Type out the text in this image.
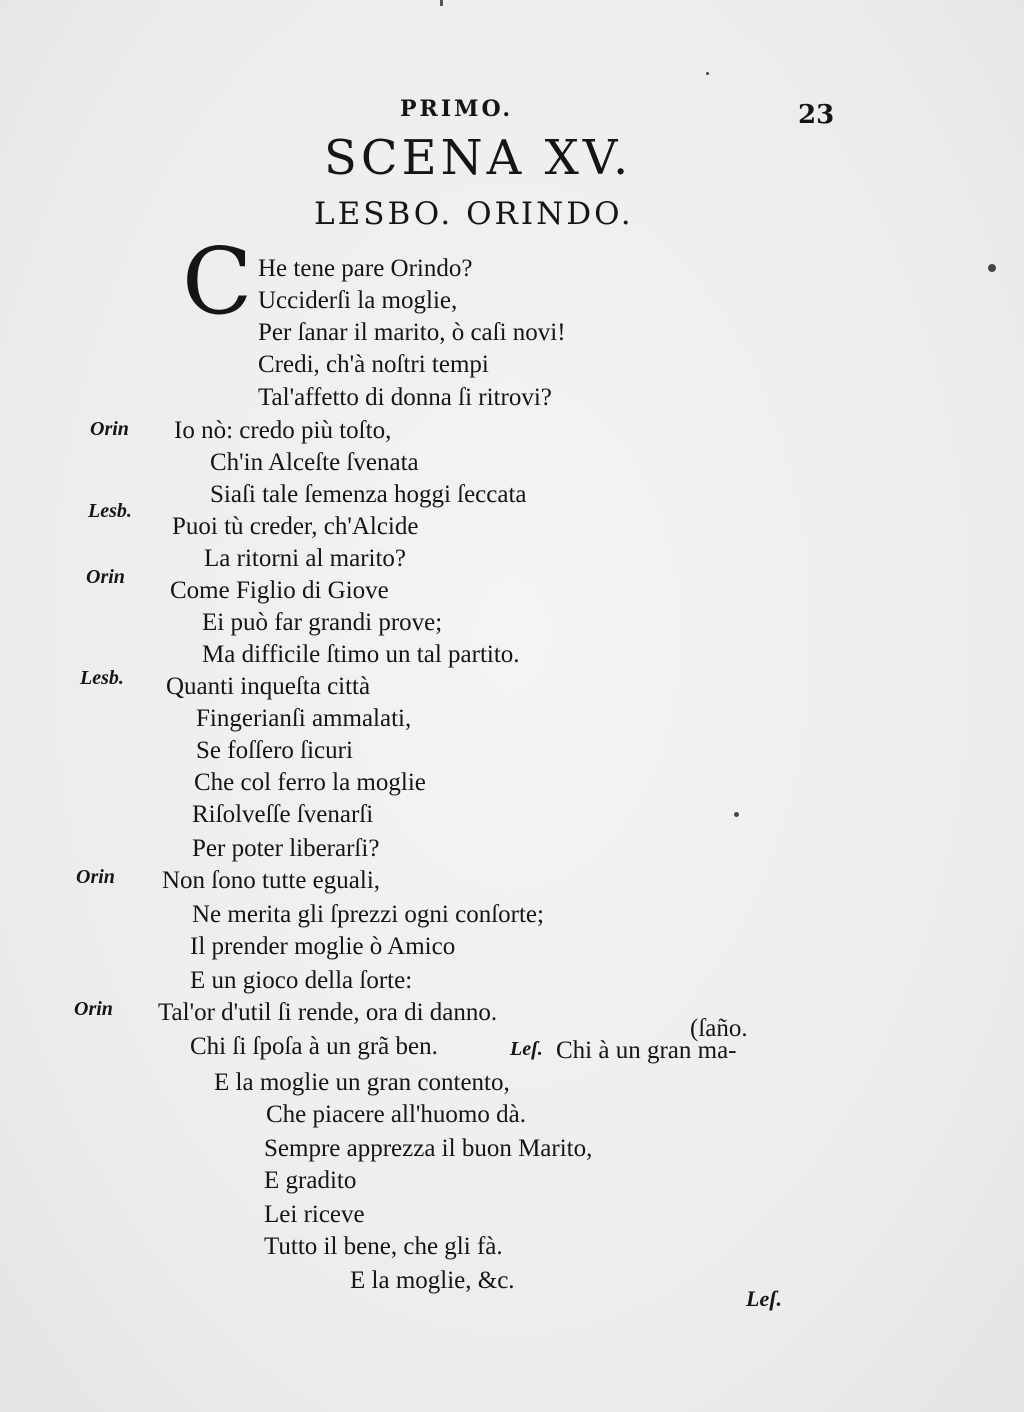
PRIMO.	23
SCENA XV.
LESBO. ORINDO.
C
Orin
Lesb.
Orin
Lesb.
Orin
Orin
He tene pare Orindo?
Ucciderſi la moglie,
Per ſanar il marito, ò caſi novi!
Credi, ch'à noſtri tempi
Tal'affetto di donna ſi ritrovi?
Io nò: credo più toſto,
Ch'in Alceſte ſvenata
Siaſi tale ſemenza hoggi ſeccata
Puoi tù creder, ch'Alcide
La ritorni al marito?
Come Figlio di Giove
Ei può far grandi prove;
Ma difficile ſtimo un tal partito.
Quanti inqueſta città
Fingerianſi ammalati,
Se foſſero ſicuri
Che col ferro la moglie
Riſolveſſe ſvenarſi
Per poter liberarſi?
Non ſono tutte eguali,
Ne merita gli ſprezzi ogni conſorte;
Il prender moglie ò Amico
E un gioco della ſorte:
Tal'or d'util ſi rende, ora di danno.
(ſaño.
Chi ſi ſpoſa à un grã ben.	Leſ. Chi à un gran ma-
E la moglie un gran contento,
Che piacere all'huomo dà.
Sempre apprezza il buon Marito,
E gradito
Lei riceve
Tutto il bene, che gli fà.
E la moglie, &c.
Leſ.
